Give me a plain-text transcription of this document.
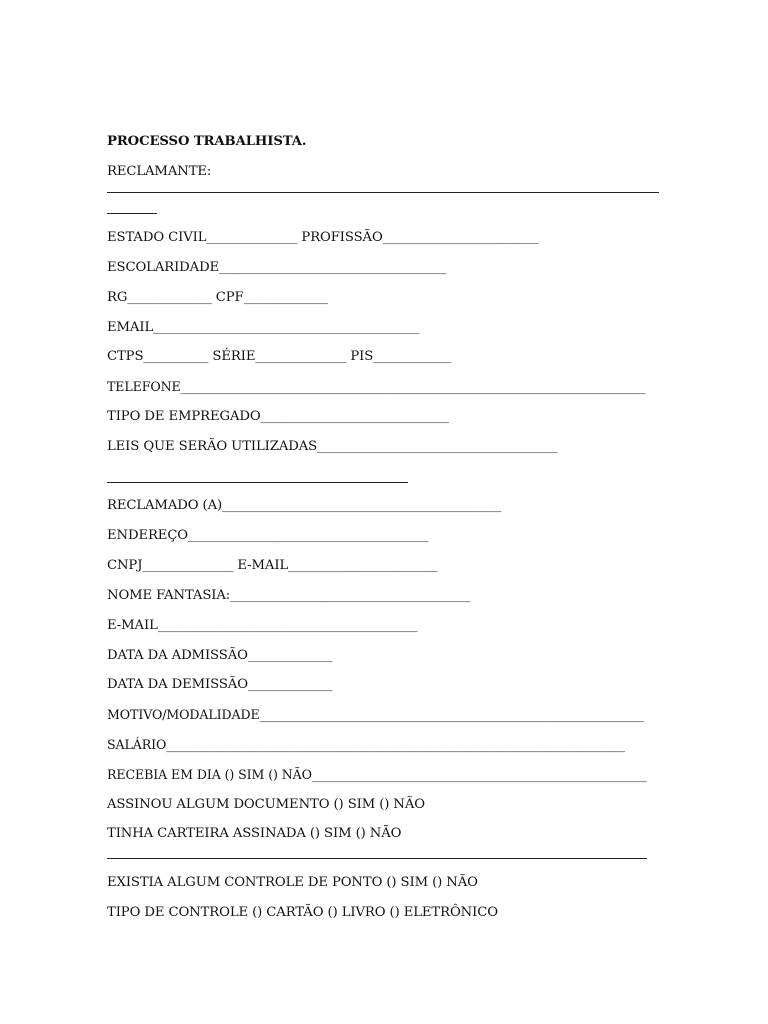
PROCESSO TRABALHISTA.
RECLAMANTE:
ESTADO CIVIL______________ PROFISSÃO________________________
ESCOLARIDADE___________________________________
RG_____________ CPF_____________
EMAIL_________________________________________
CTPS__________ SÉRIE______________ PIS____________
TELEFONE___________________________________________________________________________
TIPO DE EMPREGADO_____________________________
LEIS QUE SERÃO UTILIZADAS_____________________________________
RECLAMADO (A)___________________________________________
ENDEREÇO_____________________________________
CNPJ______________ E-MAIL_______________________
NOME FANTASIA:_____________________________________
E-MAIL________________________________________
DATA DA ADMISSÃO_____________
DATA DA DEMISSÃO_____________
MOTIVO/MODALIDADE______________________________________________________________
SALÁRIO__________________________________________________________________________
RECEBIA EM DIA () SIM () NÃO______________________________________________________
ASSINOU ALGUM DOCUMENTO () SIM () NÃO
TINHA CARTEIRA ASSINADA () SIM () NÃO
EXISTIA ALGUM CONTROLE DE PONTO () SIM () NÃO
TIPO DE CONTROLE () CARTÃO () LIVRO () ELETRÔNICO
